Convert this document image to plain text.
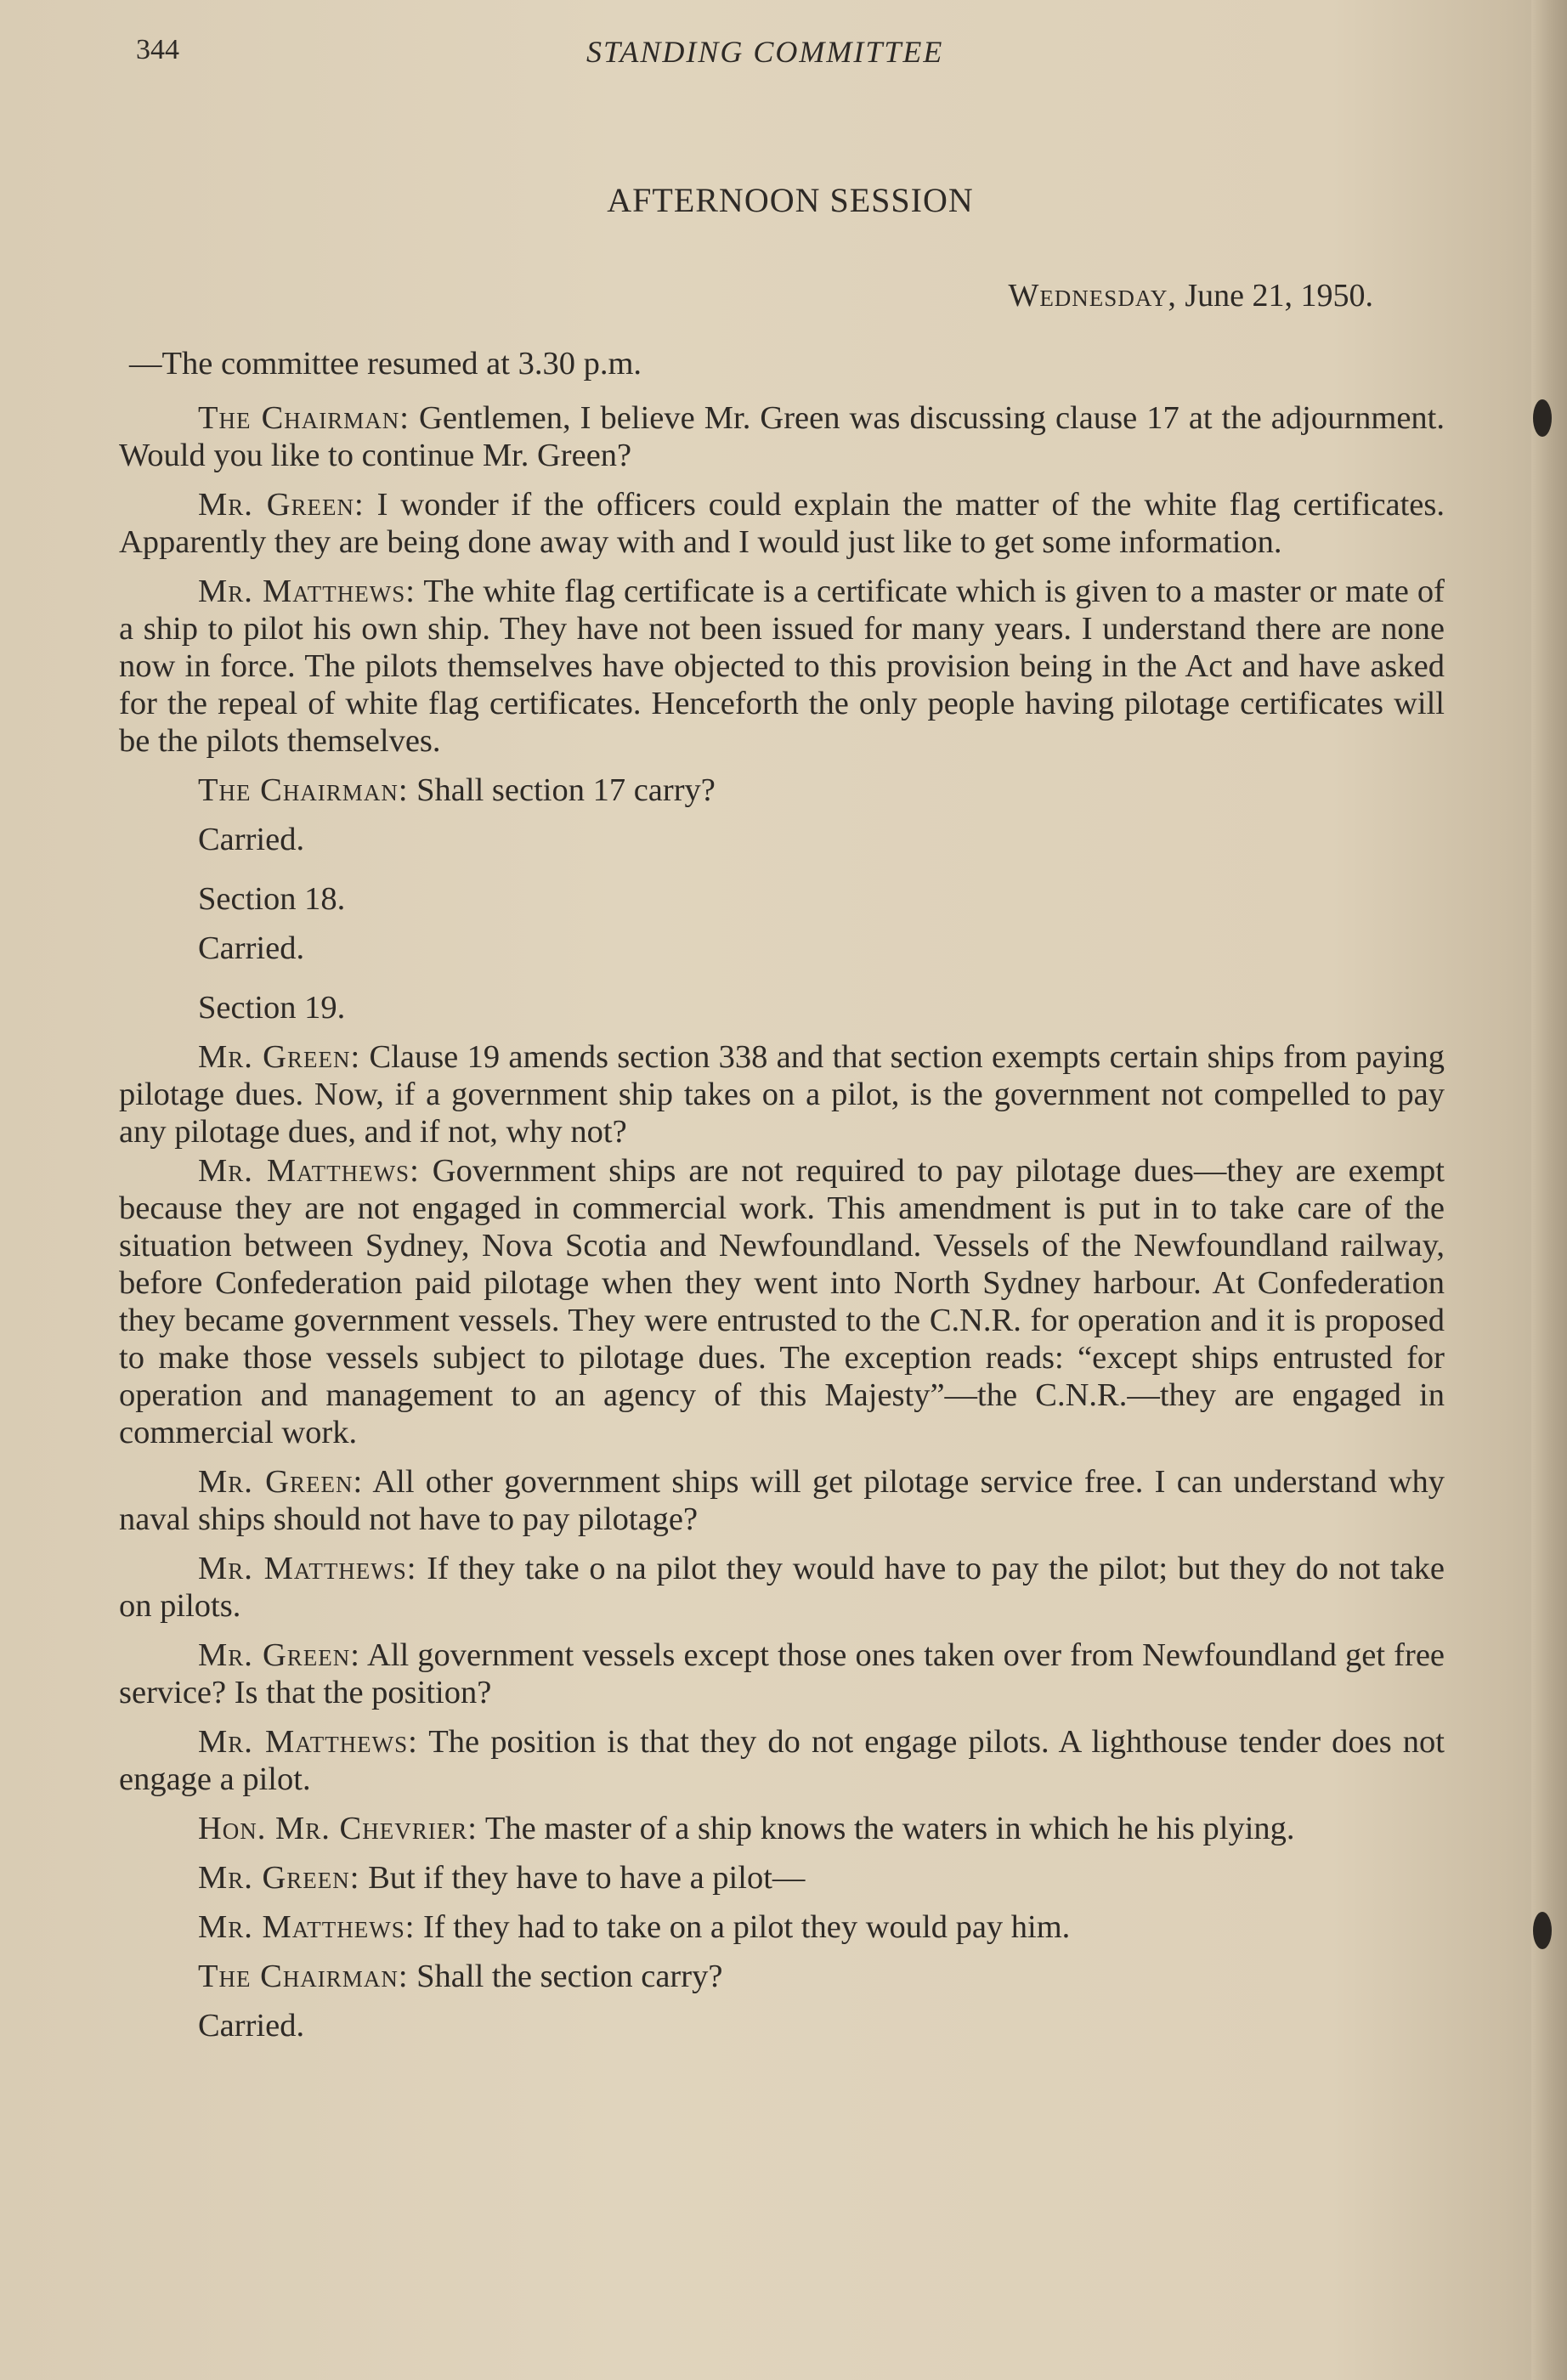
344	STANDING COMMITTEE
AFTERNOON SESSION
Wednesday, June 21, 1950.

—The committee resumed at 3.30 p.m.

The Chairman: Gentlemen, I believe Mr. Green was discussing clause 17 at the adjournment. Would you like to continue Mr. Green?

Mr. Green: I wonder if the officers could explain the matter of the white flag certificates. Apparently they are being done away with and I would just like to get some information.

Mr. Matthews: The white flag certificate is a certificate which is given to a master or mate of a ship to pilot his own ship. They have not been issued for many years. I understand there are none now in force. The pilots themselves have objected to this provision being in the Act and have asked for the repeal of white flag certificates. Henceforth the only people having pilotage certificates will be the pilots themselves.

The Chairman: Shall section 17 carry?

Carried.

Section 18.

Carried.

Section 19.

Mr. Green: Clause 19 amends section 338 and that section exempts certain ships from paying pilotage dues. Now, if a government ship takes on a pilot, is the government not compelled to pay any pilotage dues, and if not, why not?

Mr. Matthews: Government ships are not required to pay pilotage dues—they are exempt because they are not engaged in commercial work. This amendment is put in to take care of the situation between Sydney, Nova Scotia and Newfoundland. Vessels of the Newfoundland railway, before Confederation paid pilotage when they went into North Sydney harbour. At Confederation they became government vessels. They were entrusted to the C.N.R. for operation and it is proposed to make those vessels subject to pilotage dues. The exception reads: “except ships entrusted for operation and management to an agency of this Majesty”—the C.N.R.—they are engaged in commercial work.

Mr. Green: All other government ships will get pilotage service free. I can understand why naval ships should not have to pay pilotage?

Mr. Matthews: If they take o na pilot they would have to pay the pilot; but they do not take on pilots.

Mr. Green: All government vessels except those ones taken over from Newfoundland get free service? Is that the position?

Mr. Matthews: The position is that they do not engage pilots. A lighthouse tender does not engage a pilot.

Hon. Mr. Chevrier: The master of a ship knows the waters in which he his plying.

Mr. Green: But if they have to have a pilot—

Mr. Matthews: If they had to take on a pilot they would pay him.

The Chairman: Shall the section carry?

Carried.
